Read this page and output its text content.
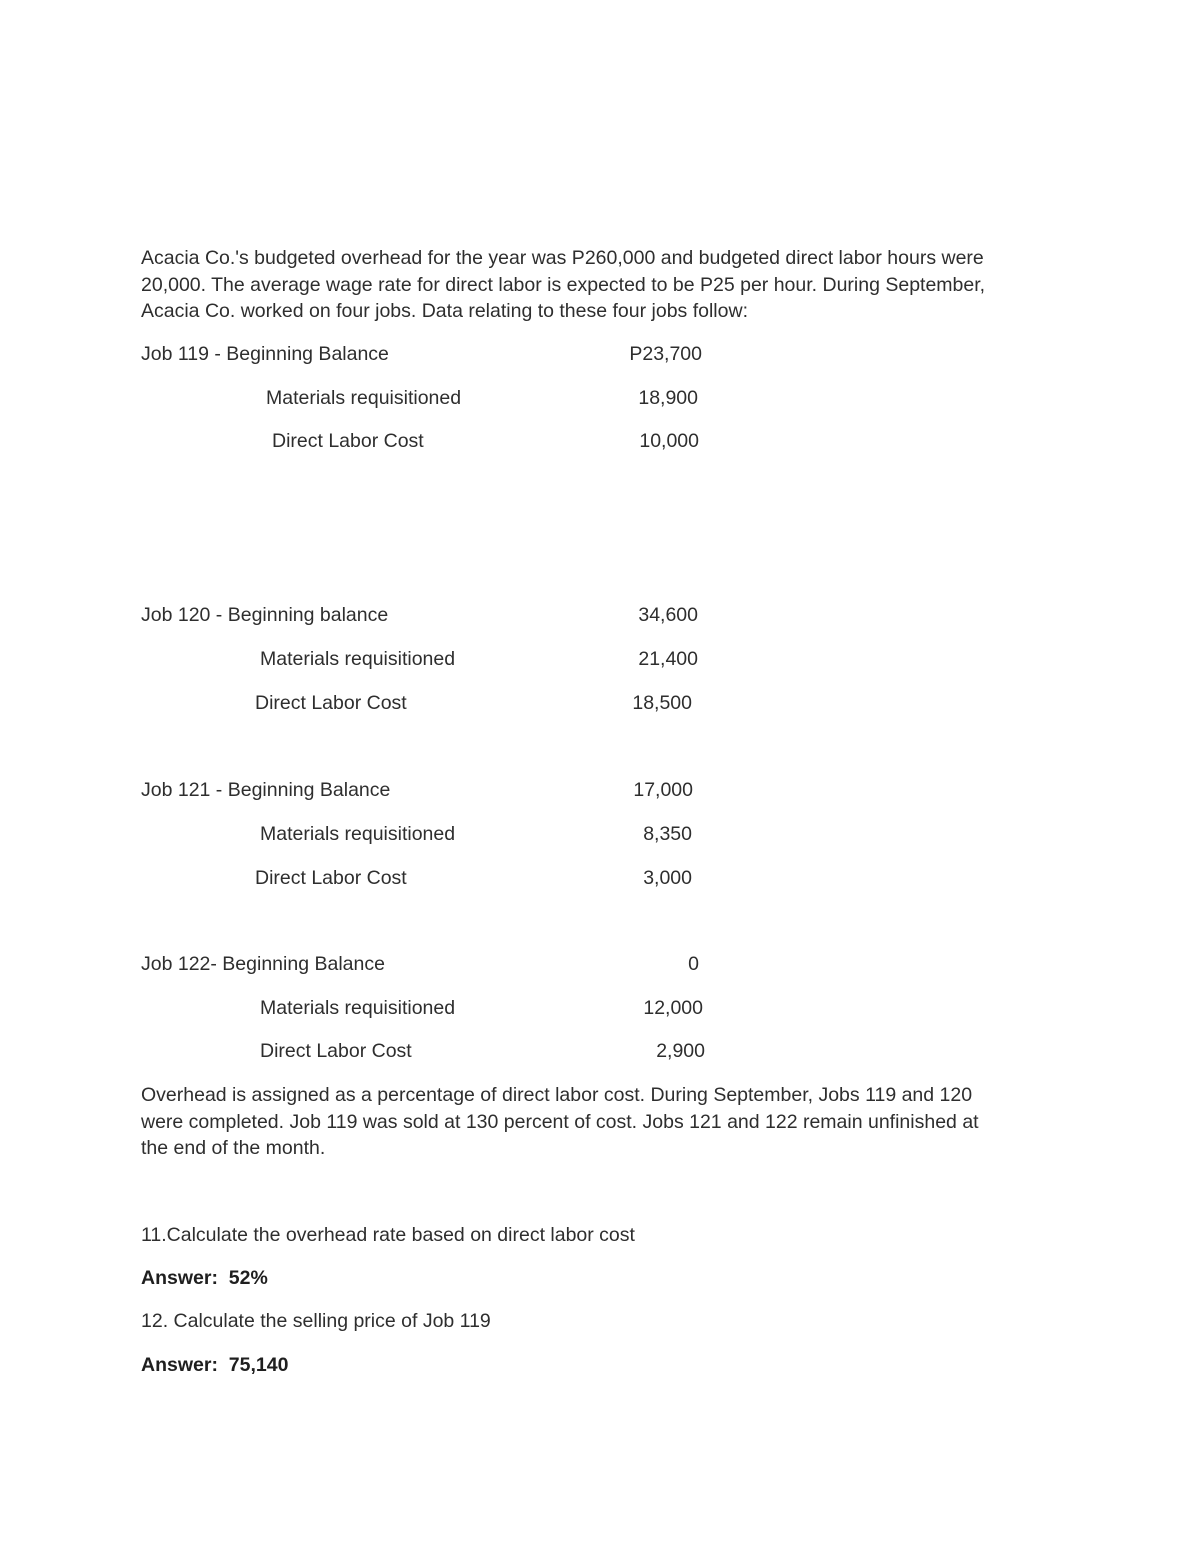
Acacia Co.'s budgeted overhead for the year was P260,000 and budgeted direct labor hours were
20,000. The average wage rate for direct labor is expected to be P25 per hour. During September,
Acacia Co. worked on four jobs. Data relating to these four jobs follow:
Job 119 - Beginning Balance	P23,700
Materials requisitioned	18,900
Direct Labor Cost	10,000
Job 120 - Beginning balance	34,600
Materials requisitioned	21,400
Direct Labor Cost	18,500
Job 121 - Beginning Balance	17,000
Materials requisitioned	8,350
Direct Labor Cost	3,000
Job 122- Beginning Balance	0
Materials requisitioned	12,000
Direct Labor Cost	2,900
Overhead is assigned as a percentage of direct labor cost. During September, Jobs 119 and 120
were completed. Job 119 was sold at 130 percent of cost. Jobs 121 and 122 remain unfinished at
the end of the month.
11.Calculate the overhead rate based on direct labor cost
Answer: 52%
12. Calculate the selling price of Job 119
Answer: 75,140
